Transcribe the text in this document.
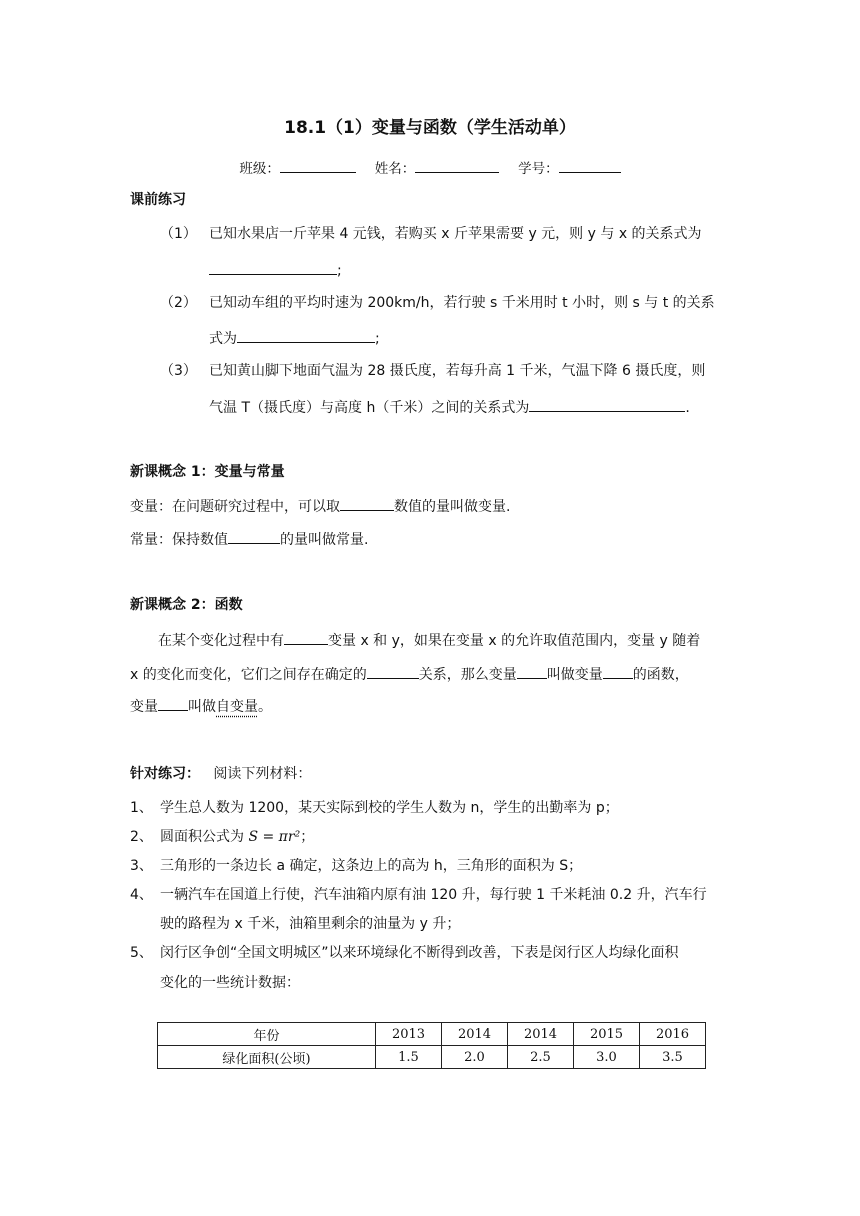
18.1（1）变量与函数（学生活动单）
班级：	姓名：	学号：
课前练习
（1） 已知水果店一斤苹果 4 元钱，若购买 x 斤苹果需要 y 元，则 y 与 x 的关系式为
;
（2） 已知动车组的平均时速为 200km/h，若行驶 s 千米用时 t 小时，则 s 与 t 的关系
式为	;
（3） 已知黄山脚下地面气温为 28 摄氏度，若每升高 1 千米，气温下降 6 摄氏度，则
气温 T（摄氏度）与高度 h（千米）之间的关系式为	.
新课概念 1：变量与常量
变量：在问题研究过程中，可以取	数值的量叫做变量.
常量：保持数值	的量叫做常量.
新课概念 2：函数
在某个变化过程中有	变量 x 和 y，如果在变量 x 的允许取值范围内，变量 y 随着
x 的变化而变化，它们之间存在确定的	关系，那么变量 叫做变量 的函数，
变量 叫做自变量。
针对练习： 阅读下列材料：
1、 学生总人数为 1200，某天实际到校的学生人数为 n，学生的出勤率为 p；
2、 圆面积公式为 S = πr²；
3、 三角形的一条边长 a 确定，这条边上的高为 h，三角形的面积为 S；
4、 一辆汽车在国道上行使，汽车油箱内原有油 120 升，每行驶 1 千米耗油 0.2 升，汽车行
驶的路程为 x 千米，油箱里剩余的油量为 y 升；
5、 闵行区争创“全国文明城区”以来环境绿化不断得到改善，下表是闵行区人均绿化面积
变化的一些统计数据：
年份	2013	2014	2014	2015	2016
绿化面积(公顷)	1.5	2.0	2.5	3.0	3.5
